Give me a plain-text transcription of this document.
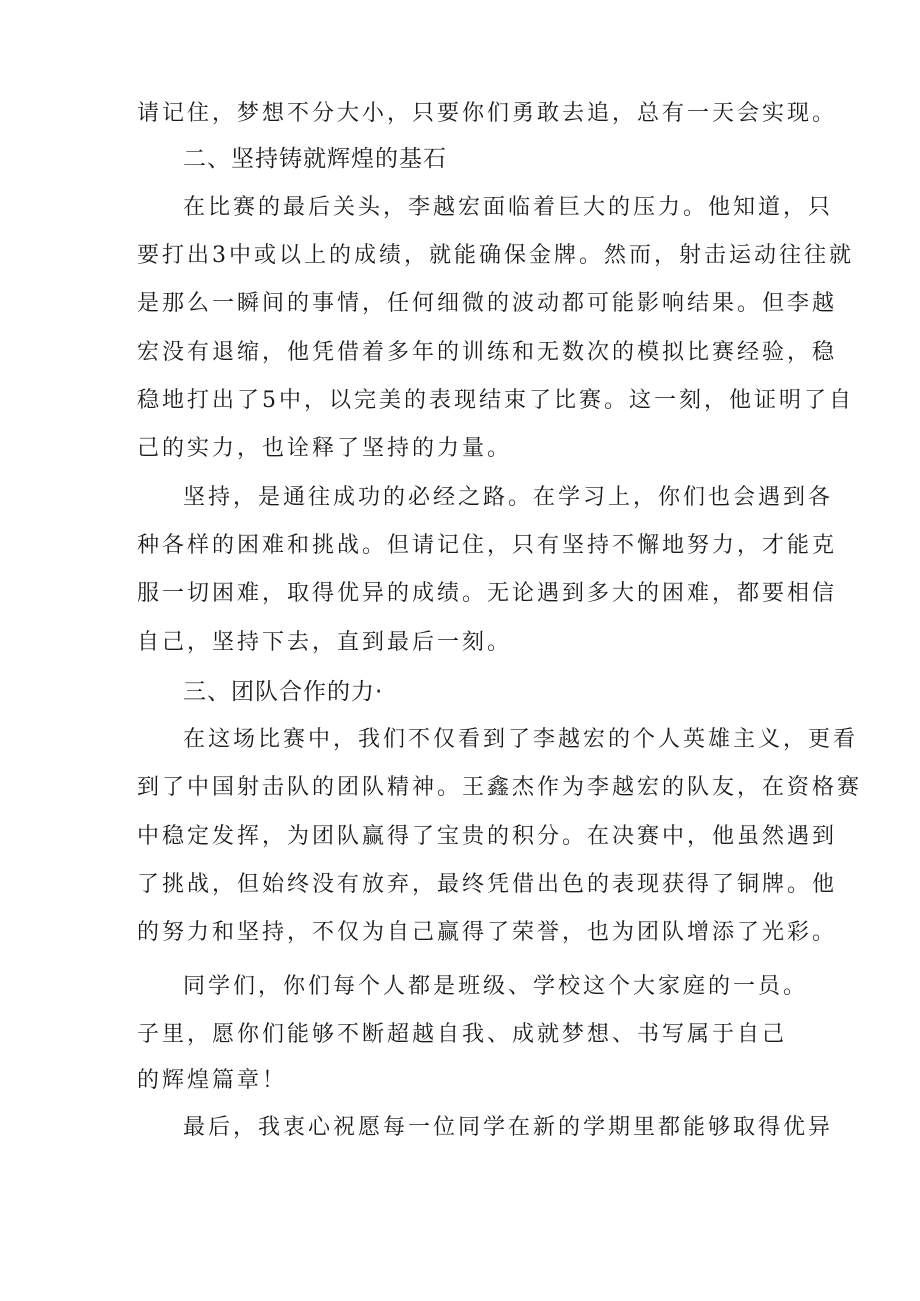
请记住，梦想不分大小，只要你们勇敢去追，总有一天会实现。

二、坚持铸就辉煌的基石

在比赛的最后关头，李越宏面临着巨大的压力。他知道，只

要打出3中或以上的成绩，就能确保金牌。然而，射击运动往往就

是那么一瞬间的事情，任何细微的波动都可能影响结果。但李越

宏没有退缩，他凭借着多年的训练和无数次的模拟比赛经验，稳

稳地打出了5中，以完美的表现结束了比赛。这一刻，他证明了自

己的实力，也诠释了坚持的力量。

坚持，是通往成功的必经之路。在学习上，你们也会遇到各

种各样的困难和挑战。但请记住，只有坚持不懈地努力，才能克

服一切困难，取得优异的成绩。无论遇到多大的困难，都要相信

自己，坚持下去，直到最后一刻。

三、团队合作的力·

在这场比赛中，我们不仅看到了李越宏的个人英雄主义，更看

到了中国射击队的团队精神。王鑫杰作为李越宏的队友，在资格赛

中稳定发挥，为团队赢得了宝贵的积分。在决赛中，他虽然遇到

了挑战，但始终没有放弃，最终凭借出色的表现获得了铜牌。他

的努力和坚持，不仅为自己赢得了荣誉，也为团队增添了光彩。

同学们，你们每个人都是班级、学校这个大家庭的一员。

子里，愿你们能够不断超越自我、成就梦想、书写属于自己

的辉煌篇章！

最后，我衷心祝愿每一位同学在新的学期里都能够取得优异
